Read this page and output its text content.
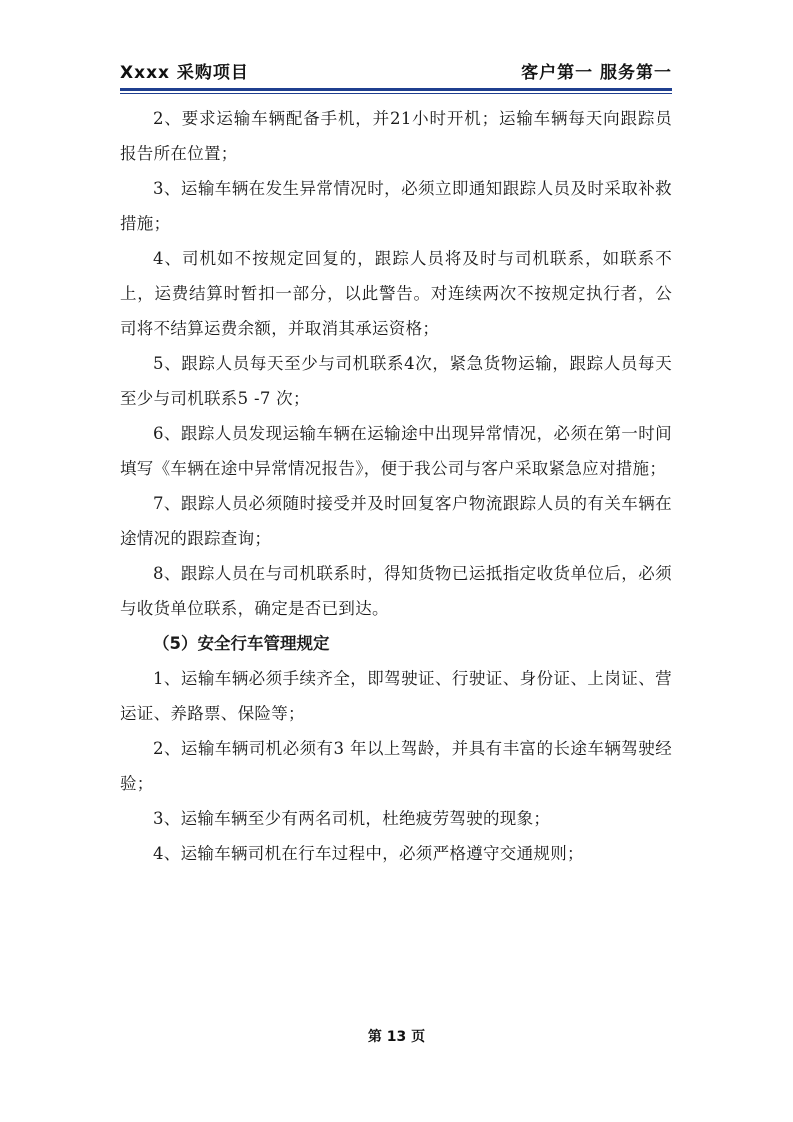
Xxxx 采购项目	客户第一 服务第一

2、要求运输车辆配备手机，并21小时开机；运输车辆每天向跟踪员报告所在位置；

3、运输车辆在发生异常情况时，必须立即通知跟踪人员及时采取补救措施；

4、司机如不按规定回复的，跟踪人员将及时与司机联系，如联系不上，运费结算时暂扣一部分，以此警告。对连续两次不按规定执行者，公司将不结算运费余额，并取消其承运资格；

5、跟踪人员每天至少与司机联系4次，紧急货物运输，跟踪人员每天至少与司机联系5 -7 次；

6、跟踪人员发现运输车辆在运输途中出现异常情况，必须在第一时间填写《车辆在途中异常情况报告》，便于我公司与客户采取紧急应对措施；

7、跟踪人员必须随时接受并及时回复客户物流跟踪人员的有关车辆在途情况的跟踪查询；

8、跟踪人员在与司机联系时，得知货物已运抵指定收货单位后，必须与收货单位联系，确定是否已到达。

（5）安全行车管理规定

1、运输车辆必须手续齐全，即驾驶证、行驶证、身份证、上岗证、营运证、养路票、保险等；

2、运输车辆司机必须有3 年以上驾龄，并具有丰富的长途车辆驾驶经验；

3、运输车辆至少有两名司机，杜绝疲劳驾驶的现象；

4、运输车辆司机在行车过程中，必须严格遵守交通规则；

第 13 页
